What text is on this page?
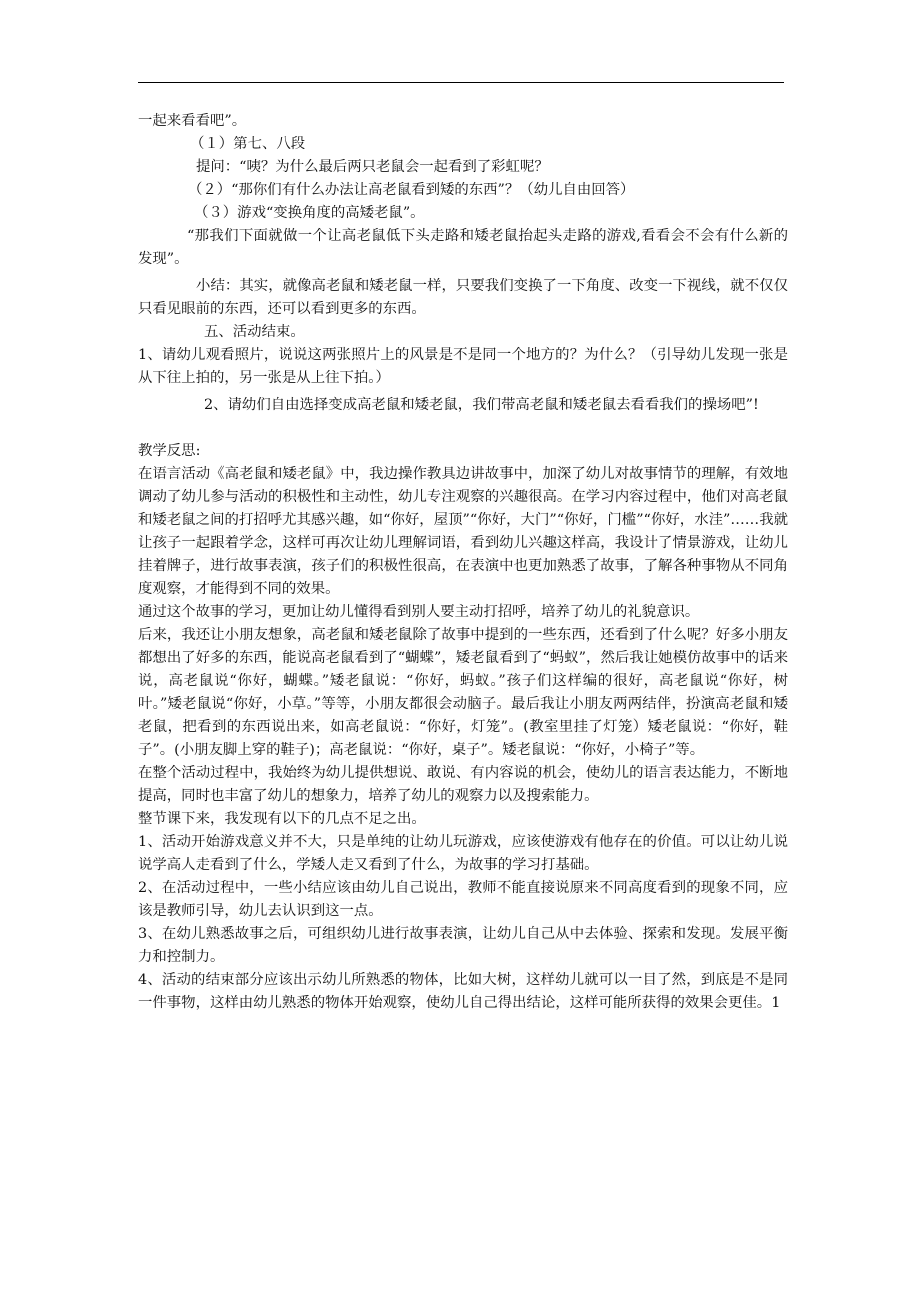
一起来看看吧”。

（１）第七、八段

提问：“咦？为什么最后两只老鼠会一起看到了彩虹呢？

（２）“那你们有什么办法让高老鼠看到矮的东西”？（幼儿自由回答）

（３）游戏“变换角度的高矮老鼠”。

“那我们下面就做一个让高老鼠低下头走路和矮老鼠抬起头走路的游戏,看看会不会有什么新的发现”。

小结：其实，就像高老鼠和矮老鼠一样，只要我们变换了一下角度、改变一下视线，就不仅仅只看见眼前的东西，还可以看到更多的东西。

五、活动结束。

1、请幼儿观看照片，说说这两张照片上的风景是不是同一个地方的？为什么？（引导幼儿发现一张是从下往上拍的，另一张是从上往下拍。）

2、请幼们自由选择变成高老鼠和矮老鼠，我们带高老鼠和矮老鼠去看看我们的操场吧”!

教学反思:

在语言活动《高老鼠和矮老鼠》中，我边操作教具边讲故事中，加深了幼儿对故事情节的理解，有效地调动了幼儿参与活动的积极性和主动性，幼儿专注观察的兴趣很高。在学习内容过程中，他们对高老鼠和矮老鼠之间的打招呼尤其感兴趣，如“你好，屋顶”“你好，大门”“你好，门槛”“你好，水洼”……我就让孩子一起跟着学念，这样可再次让幼儿理解词语，看到幼儿兴趣这样高，我设计了情景游戏，让幼儿挂着牌子，进行故事表演，孩子们的积极性很高，在表演中也更加熟悉了故事，了解各种事物从不同角度观察，才能得到不同的效果。

通过这个故事的学习，更加让幼儿懂得看到别人要主动打招呼，培养了幼儿的礼貌意识。

后来，我还让小朋友想象，高老鼠和矮老鼠除了故事中提到的一些东西，还看到了什么呢？好多小朋友都想出了好多的东西，能说高老鼠看到了“蝴蝶”，矮老鼠看到了“蚂蚁”，然后我让她模仿故事中的话来说，高老鼠说“你好，蝴蝶。”矮老鼠说：“你好，蚂蚁。”孩子们这样编的很好，高老鼠说“你好，树叶。”矮老鼠说“你好，小草。”等等，小朋友都很会动脑子。最后我让小朋友两两结伴，扮演高老鼠和矮老鼠，把看到的东西说出来，如高老鼠说：“你好，灯笼”。(教室里挂了灯笼）矮老鼠说：“你好，鞋子”。(小朋友脚上穿的鞋子)；高老鼠说：“你好，桌子”。矮老鼠说：“你好，小椅子”等。

在整个活动过程中，我始终为幼儿提供想说、敢说、有内容说的机会，使幼儿的语言表达能力，不断地提高，同时也丰富了幼儿的想象力，培养了幼儿的观察力以及搜索能力。

整节课下来，我发现有以下的几点不足之出。

1、活动开始游戏意义并不大，只是单纯的让幼儿玩游戏，应该使游戏有他存在的价值。可以让幼儿说说学高人走看到了什么，学矮人走又看到了什么，为故事的学习打基础。

2、在活动过程中，一些小结应该由幼儿自己说出，教师不能直接说原来不同高度看到的现象不同，应该是教师引导，幼儿去认识到这一点。

3、在幼儿熟悉故事之后，可组织幼儿进行故事表演，让幼儿自己从中去体验、探索和发现。发展平衡力和控制力。

4、活动的结束部分应该出示幼儿所熟悉的物体，比如大树，这样幼儿就可以一目了然，到底是不是同一件事物，这样由幼儿熟悉的物体开始观察，使幼儿自己得出结论，这样可能所获得的效果会更佳。1
